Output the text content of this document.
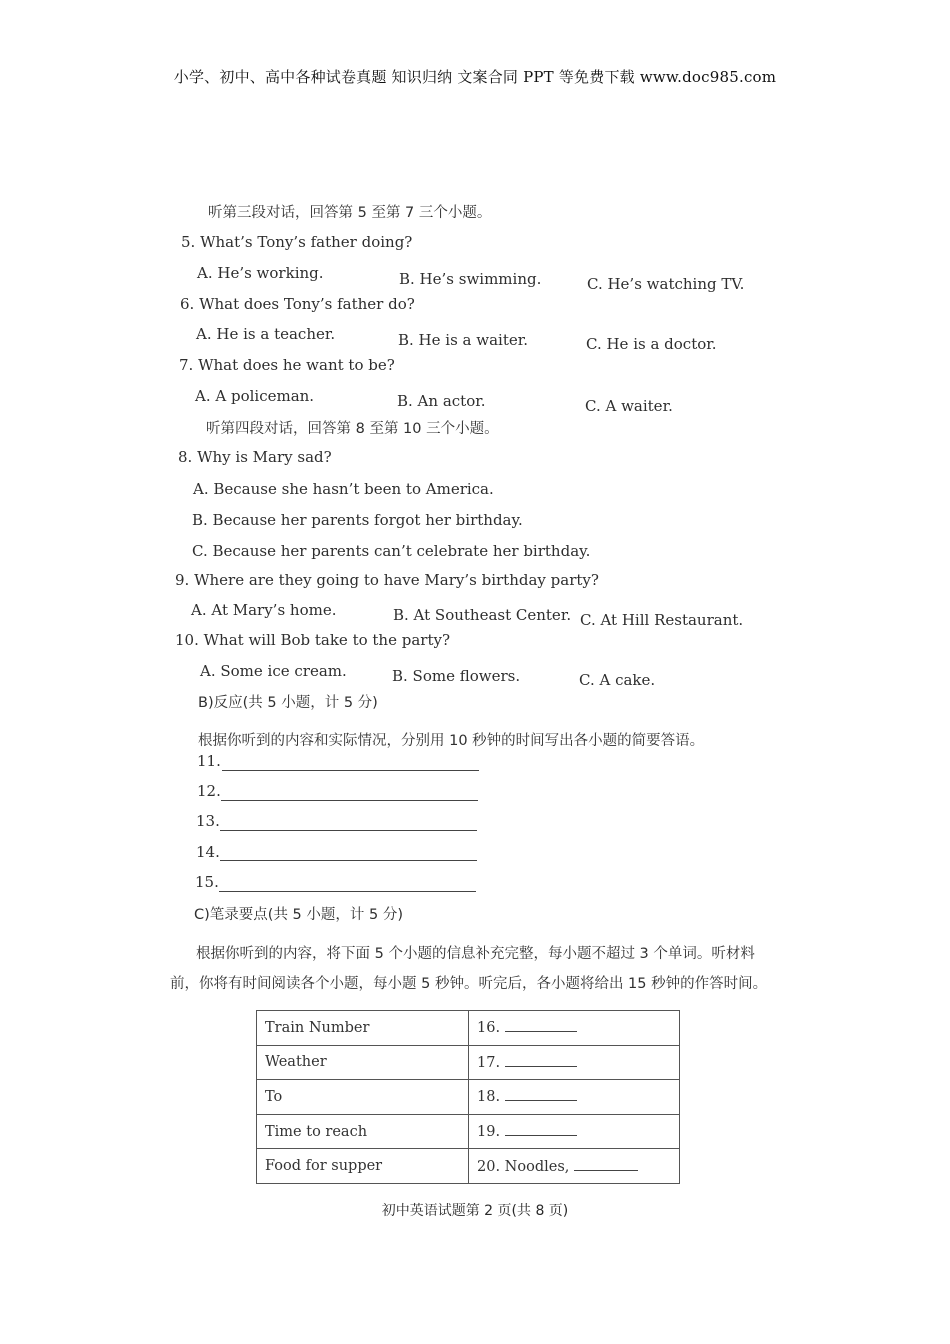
小学、初中、高中各种试卷真题 知识归纳 文案合同 PPT 等免费下载 www.doc985.com
听第三段对话，回答第 5 至第 7 三个小题。
5. What’s Tony’s father doing?
A. He’s working.	B. He’s swimming.	C. He’s watching TV.
6. What does Tony’s father do?
A. He is a teacher.	B. He is a waiter.	C. He is a doctor.
7. What does he want to be?
A. A policeman.	B. An actor.	C. A waiter.
听第四段对话，回答第 8 至第 10 三个小题。
8. Why is Mary sad?
A. Because she hasn’t been to America.
B. Because her parents forgot her birthday.
C. Because her parents can’t celebrate her birthday.
9. Where are they going to have Mary’s birthday party?
A. At Mary’s home.	B. At Southeast Center. C. At Hill Restaurant.
10. What will Bob take to the party?
A. Some ice cream.	B. Some flowers.	C. A cake.
B)反应(共 5 小题，计 5 分)
根据你听到的内容和实际情况，分别用 10 秒钟的时间写出各小题的简要答语。
11.
12.
13.
14.
15.
C)笔录要点(共 5 小题，计 5 分)
根据你听到的内容，将下面 5 个小题的信息补充完整，每小题不超过 3 个单词。听材料
前，你将有时间阅读各个小题，每小题 5 秒钟。听完后，各小题将给出 15 秒钟的作答时间。
Train Number	16.
Weather	17.
To	18.
Time to reach	19.
Food for supper	20. Noodles,
初中英语试题第 2 页(共 8 页)
